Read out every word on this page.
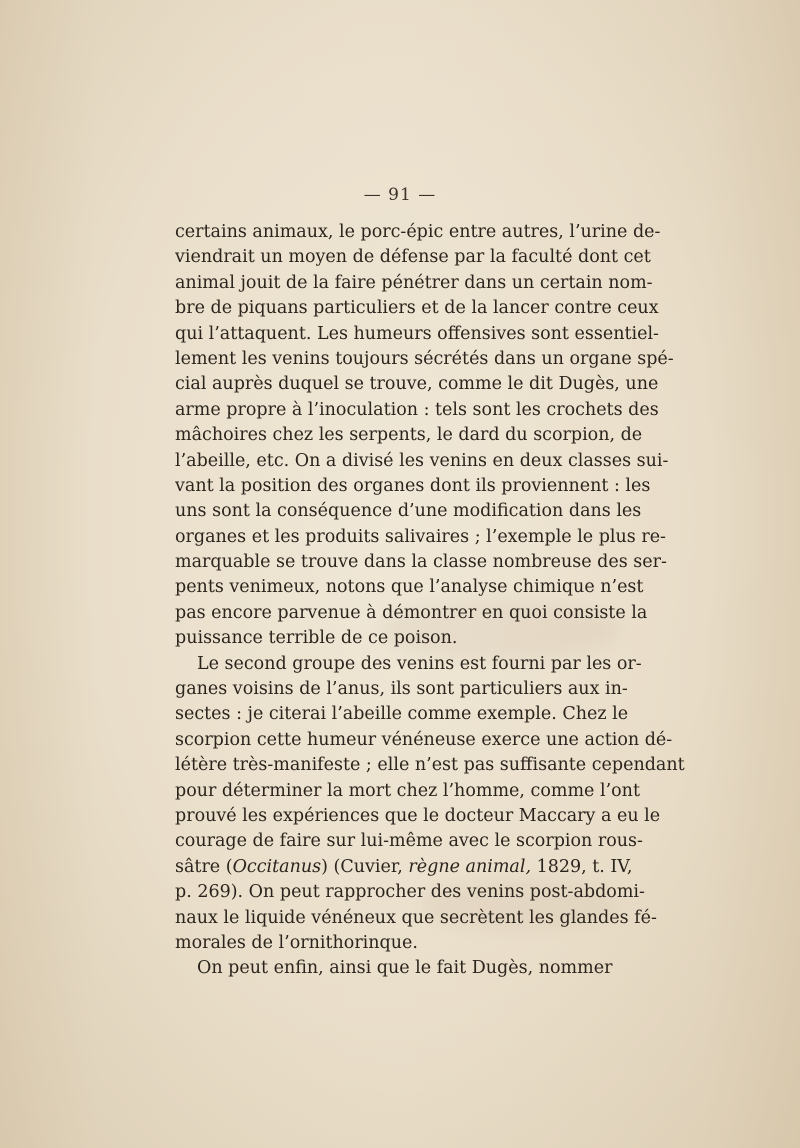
— 91 —
certains animaux, le porc-épic entre autres, l’urine de-
viendrait un moyen de défense par la faculté dont cet
animal jouit de la faire pénétrer dans un certain nom-
bre de piquans particuliers et de la lancer contre ceux
qui l’attaquent. Les humeurs offensives sont essentiel-
lement les venins toujours sécrétés dans un organe spé-
cial auprès duquel se trouve, comme le dit Dugès, une
arme propre à l’inoculation : tels sont les crochets des
mâchoires chez les serpents, le dard du scorpion, de
l’abeille, etc. On a divisé les venins en deux classes sui-
vant la position des organes dont ils proviennent : les
uns sont la conséquence d’une modification dans les
organes et les produits salivaires ; l’exemple le plus re-
marquable se trouve dans la classe nombreuse des ser-
pents venimeux, notons que l’analyse chimique n’est
pas encore parvenue à démontrer en quoi consiste la
puissance terrible de ce poison.
Le second groupe des venins est fourni par les or-
ganes voisins de l’anus, ils sont particuliers aux in-
sectes : je citerai l’abeille comme exemple. Chez le
scorpion cette humeur vénéneuse exerce une action dé-
létère très-manifeste ; elle n’est pas suffisante cependant
pour déterminer la mort chez l’homme, comme l’ont
prouvé les expériences que le docteur Maccary a eu le
courage de faire sur lui-même avec le scorpion rous-
sâtre (Occitanus) (Cuvier, règne animal, 1829, t. IV,
p. 269). On peut rapprocher des venins post-abdomi-
naux le liquide vénéneux que secrètent les glandes fé-
morales de l’ornithorinque.
On peut enfin, ainsi que le fait Dugès, nommer
